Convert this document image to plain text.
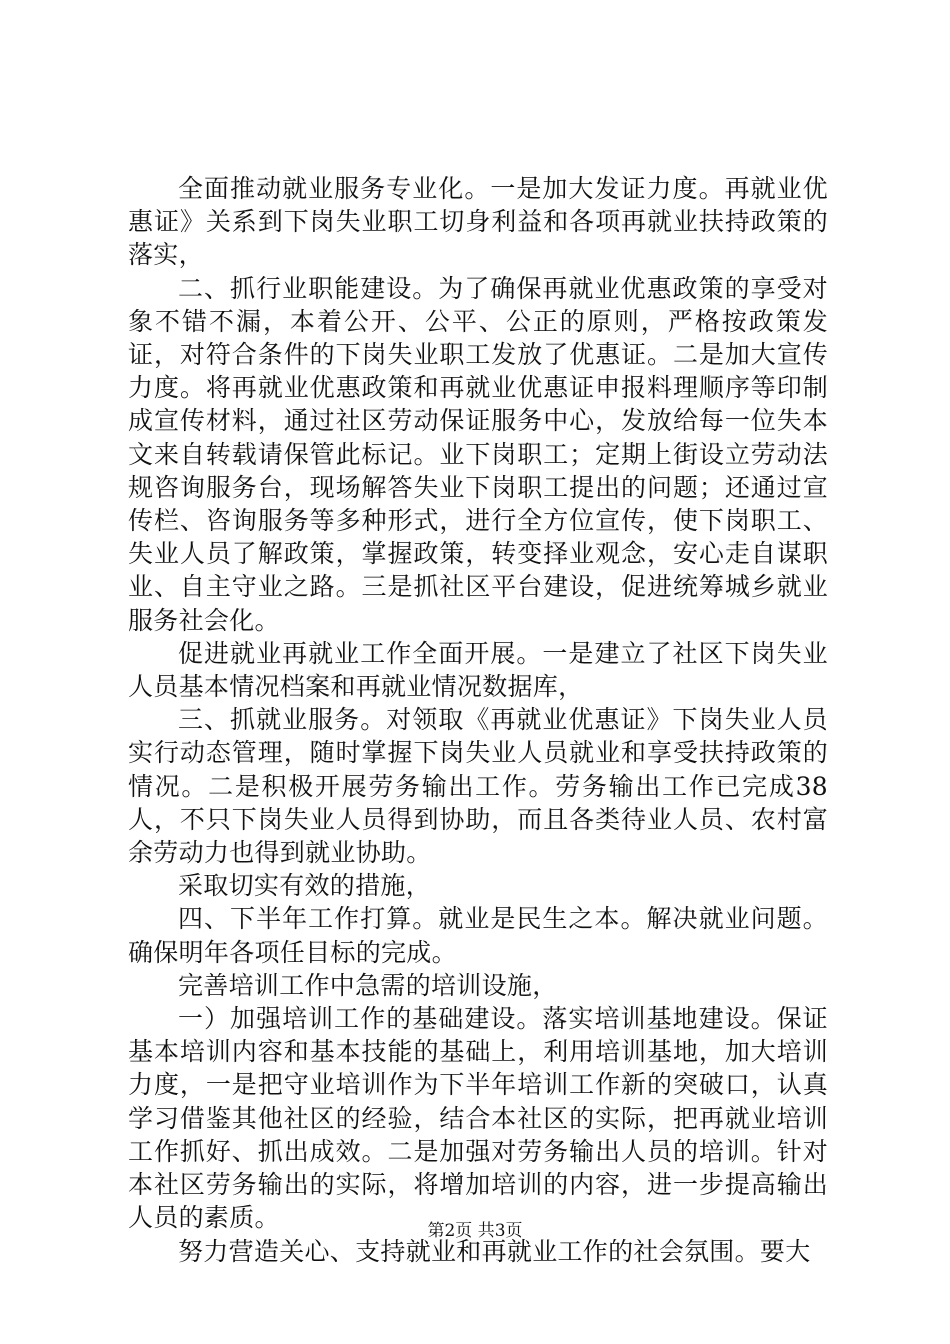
全面推动就业服务专业化。一是加大发证力度。再就业优惠证》关系到下岗失业职工切身利益和各项再就业扶持政策的落实，

二、抓行业职能建设。为了确保再就业优惠政策的享受对象不错不漏，本着公开、公平、公正的原则，严格按政策发证，对符合条件的下岗失业职工发放了优惠证。二是加大宣传力度。将再就业优惠政策和再就业优惠证申报料理顺序等印制成宣传材料，通过社区劳动保证服务中心，发放给每一位失本文来自转载请保管此标记。业下岗职工；定期上街设立劳动法规咨询服务台，现场解答失业下岗职工提出的问题；还通过宣传栏、咨询服务等多种形式，进行全方位宣传，使下岗职工、失业人员了解政策，掌握政策，转变择业观念，安心走自谋职业、自主守业之路。三是抓社区平台建设，促进统筹城乡就业服务社会化。

促进就业再就业工作全面开展。一是建立了社区下岗失业人员基本情况档案和再就业情况数据库，

三、抓就业服务。对领取《再就业优惠证》下岗失业人员实行动态管理，随时掌握下岗失业人员就业和享受扶持政策的情况。二是积极开展劳务输出工作。劳务输出工作已完成38人，不只下岗失业人员得到协助，而且各类待业人员、农村富余劳动力也得到就业协助。

采取切实有效的措施，

四、下半年工作打算。就业是民生之本。解决就业问题。确保明年各项任目标的完成。

完善培训工作中急需的培训设施，

一）加强培训工作的基础建设。落实培训基地建设。保证基本培训内容和基本技能的基础上，利用培训基地，加大培训力度，一是把守业培训作为下半年培训工作新的突破口，认真学习借鉴其他社区的经验，结合本社区的实际，把再就业培训工作抓好、抓出成效。二是加强对劳务输出人员的培训。针对本社区劳务输出的实际，将增加培训的内容，进一步提高输出人员的素质。

努力营造关心、支持就业和再就业工作的社会氛围。要大

第2页 共3页
